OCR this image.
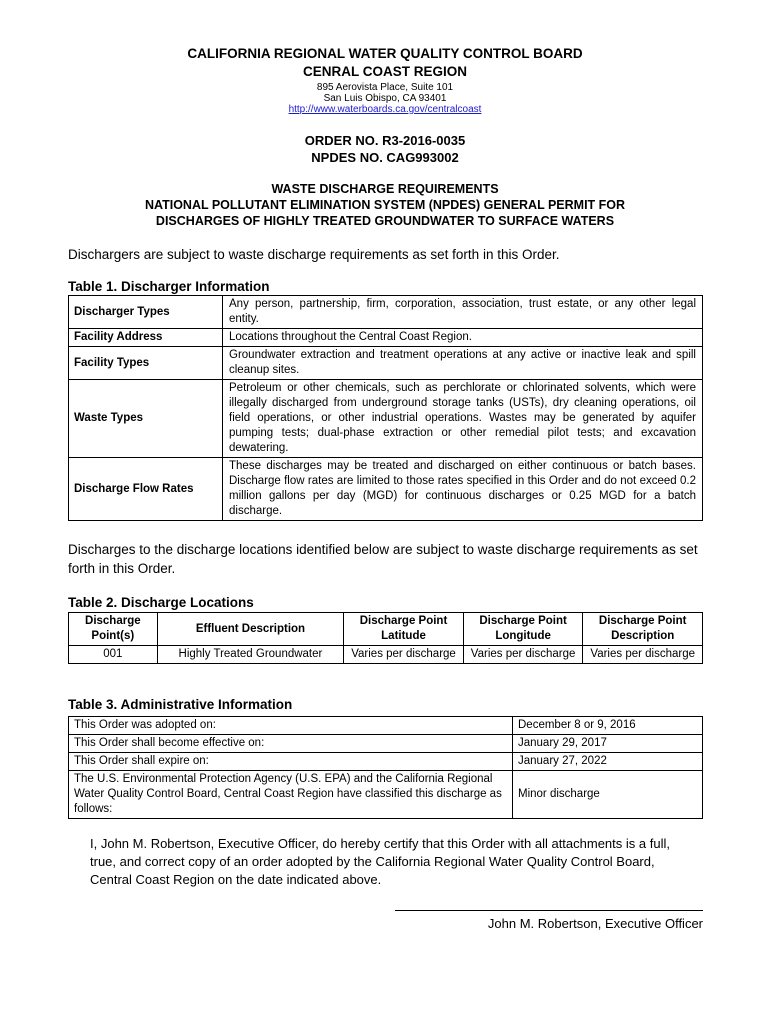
CALIFORNIA REGIONAL WATER QUALITY CONTROL BOARD
CENRAL COAST REGION
895 Aerovista Place, Suite 101
San Luis Obispo, CA 93401
http://www.waterboards.ca.gov/centralcoast
ORDER NO. R3-2016-0035
NPDES NO. CAG993002
WASTE DISCHARGE REQUIREMENTS
NATIONAL POLLUTANT ELIMINATION SYSTEM (NPDES) GENERAL PERMIT FOR
DISCHARGES OF HIGHLY TREATED GROUNDWATER TO SURFACE WATERS
Dischargers are subject to waste discharge requirements as set forth in this Order.
Table 1. Discharger Information
Discharger Types	Any person, partnership, firm, corporation, association, trust estate, or any other legal entity.
Facility Address	Locations throughout the Central Coast Region.
Facility Types	Groundwater extraction and treatment operations at any active or inactive leak and spill cleanup sites.
Waste Types	Petroleum or other chemicals, such as perchlorate or chlorinated solvents, which were illegally discharged from underground storage tanks (USTs), dry cleaning operations, oil field operations, or other industrial operations. Wastes may be generated by aquifer pumping tests; dual-phase extraction or other remedial pilot tests; and excavation dewatering.
Discharge Flow Rates	These discharges may be treated and discharged on either continuous or batch bases. Discharge flow rates are limited to those rates specified in this Order and do not exceed 0.2 million gallons per day (MGD) for continuous discharges or 0.25 MGD for a batch discharge.
Discharges to the discharge locations identified below are subject to waste discharge requirements as set forth in this Order.
Table 2. Discharge Locations
Discharge Point(s)	Effluent Description	Discharge Point Latitude	Discharge Point Longitude	Discharge Point Description
001	Highly Treated Groundwater	Varies per discharge	Varies per discharge	Varies per discharge
Table 3. Administrative Information
This Order was adopted on:	December 8 or 9, 2016
This Order shall become effective on:	January 29, 2017
This Order shall expire on:	January 27, 2022
The U.S. Environmental Protection Agency (U.S. EPA) and the California Regional Water Quality Control Board, Central Coast Region have classified this discharge as follows:	Minor discharge
I, John M. Robertson, Executive Officer, do hereby certify that this Order with all attachments is a full, true, and correct copy of an order adopted by the California Regional Water Quality Control Board, Central Coast Region on the date indicated above.
John M. Robertson, Executive Officer
